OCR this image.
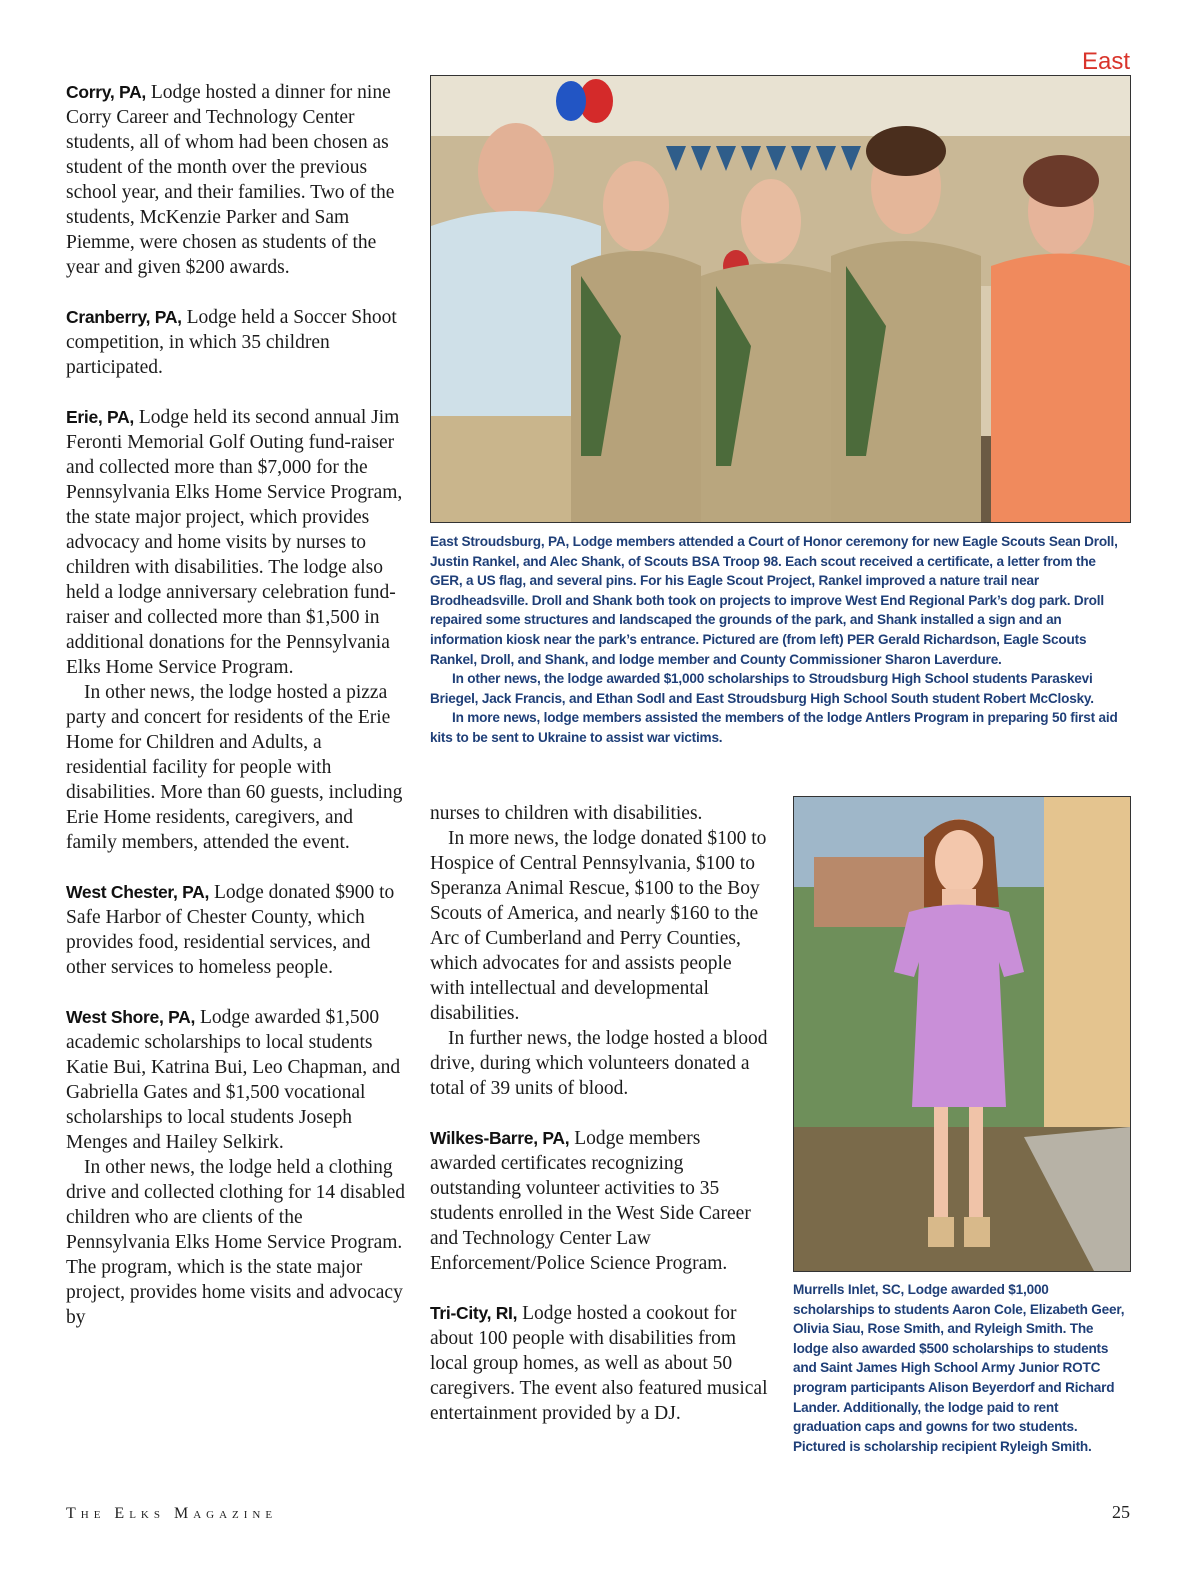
East

Corry, PA, Lodge hosted a dinner for nine Corry Career and Technology Center students, all of whom had been chosen as student of the month over the previous school year, and their families. Two of the students, McKenzie Parker and Sam Piemme, were chosen as students of the year and given $200 awards.

Cranberry, PA, Lodge held a Soccer Shoot competition, in which 35 children participated.

Erie, PA, Lodge held its second annual Jim Feronti Memorial Golf Outing fund-raiser and collected more than $7,000 for the Pennsylvania Elks Home Service Program, the state major project, which provides advocacy and home visits by nurses to children with disabilities. The lodge also held a lodge anniversary celebration fund-raiser and collected more than $1,500 in additional donations for the Pennsylvania Elks Home Service Program.

In other news, the lodge hosted a pizza party and concert for residents of the Erie Home for Children and Adults, a residential facility for people with disabilities. More than 60 guests, including Erie Home residents, caregivers, and family members, attended the event.

West Chester, PA, Lodge donated $900 to Safe Harbor of Chester County, which provides food, residential services, and other services to homeless people.

West Shore, PA, Lodge awarded $1,500 academic scholarships to local students Katie Bui, Katrina Bui, Leo Chapman, and Gabriella Gates and $1,500 vocational scholarships to local students Joseph Menges and Hailey Selkirk.

In other news, the lodge held a clothing drive and collected clothing for 14 disabled children who are clients of the Pennsylvania Elks Home Service Program. The program, which is the state major project, provides home visits and advocacy by

East Stroudsburg, PA, Lodge members attended a Court of Honor ceremony for new Eagle Scouts Sean Droll, Justin Rankel, and Alec Shank, of Scouts BSA Troop 98. Each scout received a certificate, a letter from the GER, a US flag, and several pins. For his Eagle Scout Project, Rankel improved a nature trail near Brodheadsville. Droll and Shank both took on projects to improve West End Regional Park’s dog park. Droll repaired some structures and landscaped the grounds of the park, and Shank installed a sign and an information kiosk near the park’s entrance. Pictured are (from left) PER Gerald Richardson, Eagle Scouts Rankel, Droll, and Shank, and lodge member and County Commissioner Sharon Laverdure.

In other news, the lodge awarded $1,000 scholarships to Stroudsburg High School students Paraskevi Briegel, Jack Francis, and Ethan Sodl and East Stroudsburg High School South student Robert McClosky.

In more news, lodge members assisted the members of the lodge Antlers Program in preparing 50 first aid kits to be sent to Ukraine to assist war victims.

nurses to children with disabilities.

In more news, the lodge donated $100 to Hospice of Central Pennsylvania, $100 to Speranza Animal Rescue, $100 to the Boy Scouts of America, and nearly $160 to the Arc of Cumberland and Perry Counties, which advocates for and assists people with intellectual and developmental disabilities.

In further news, the lodge hosted a blood drive, during which volunteers donated a total of 39 units of blood.

Wilkes-Barre, PA, Lodge members awarded certificates recognizing outstanding volunteer activities to 35 students enrolled in the West Side Career and Technology Center Law Enforcement/Police Science Program.

Tri-City, RI, Lodge hosted a cookout for about 100 people with disabilities from local group homes, as well as about 50 caregivers. The event also featured musical entertainment provided by a DJ.

Murrells Inlet, SC, Lodge awarded $1,000 scholarships to students Aaron Cole, Elizabeth Geer, Olivia Siau, Rose Smith, and Ryleigh Smith. The lodge also awarded $500 scholarships to students and Saint James High School Army Junior ROTC program participants Alison Beyerdorf and Richard Lander. Additionally, the lodge paid to rent graduation caps and gowns for two students. Pictured is scholarship recipient Ryleigh Smith.

The Elks Magazine	25
